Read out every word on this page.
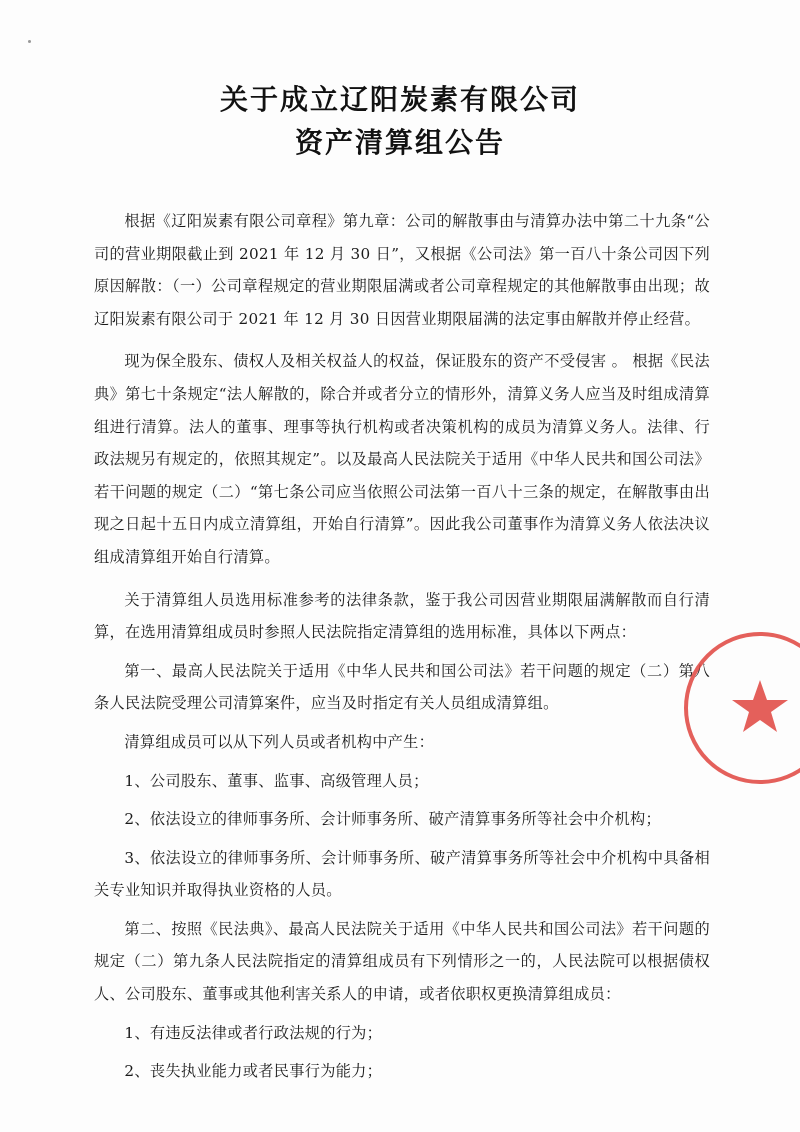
关于成立辽阳炭素有限公司
资产清算组公告

根据《辽阳炭素有限公司章程》第九章：公司的解散事由与清算办法中第二十九条“公司的营业期限截止到 2021 年 12 月 30 日”，又根据《公司法》第一百八十条公司因下列原因解散：（一）公司章程规定的营业期限届满或者公司章程规定的其他解散事由出现；故辽阳炭素有限公司于 2021 年 12 月 30 日因营业期限届满的法定事由解散并停止经营。

现为保全股东、债权人及相关权益人的权益，保证股东的资产不受侵害 。 根据《民法典》第七十条规定“法人解散的，除合并或者分立的情形外，清算义务人应当及时组成清算组进行清算。法人的董事、理事等执行机构或者决策机构的成员为清算义务人。法律、行政法规另有规定的，依照其规定”。以及最高人民法院关于适用《中华人民共和国公司法》若干问题的规定（二）“第七条公司应当依照公司法第一百八十三条的规定，在解散事由出现之日起十五日内成立清算组，开始自行清算”。因此我公司董事作为清算义务人依法决议组成清算组开始自行清算。

关于清算组人员选用标准参考的法律条款，鉴于我公司因营业期限届满解散而自行清算，在选用清算组成员时参照人民法院指定清算组的选用标准，具体以下两点：

第一、最高人民法院关于适用《中华人民共和国公司法》若干问题的规定（二）第八条人民法院受理公司清算案件，应当及时指定有关人员组成清算组。

清算组成员可以从下列人员或者机构中产生：

1、公司股东、董事、监事、高级管理人员；

2、依法设立的律师事务所、会计师事务所、破产清算事务所等社会中介机构；

3、依法设立的律师事务所、会计师事务所、破产清算事务所等社会中介机构中具备相关专业知识并取得执业资格的人员。

第二、按照《民法典》、最高人民法院关于适用《中华人民共和国公司法》若干问题的规定（二）第九条人民法院指定的清算组成员有下列情形之一的，人民法院可以根据债权人、公司股东、董事或其他利害关系人的申请，或者依职权更换清算组成员：

1、有违反法律或者行政法规的行为；

2、丧失执业能力或者民事行为能力；
